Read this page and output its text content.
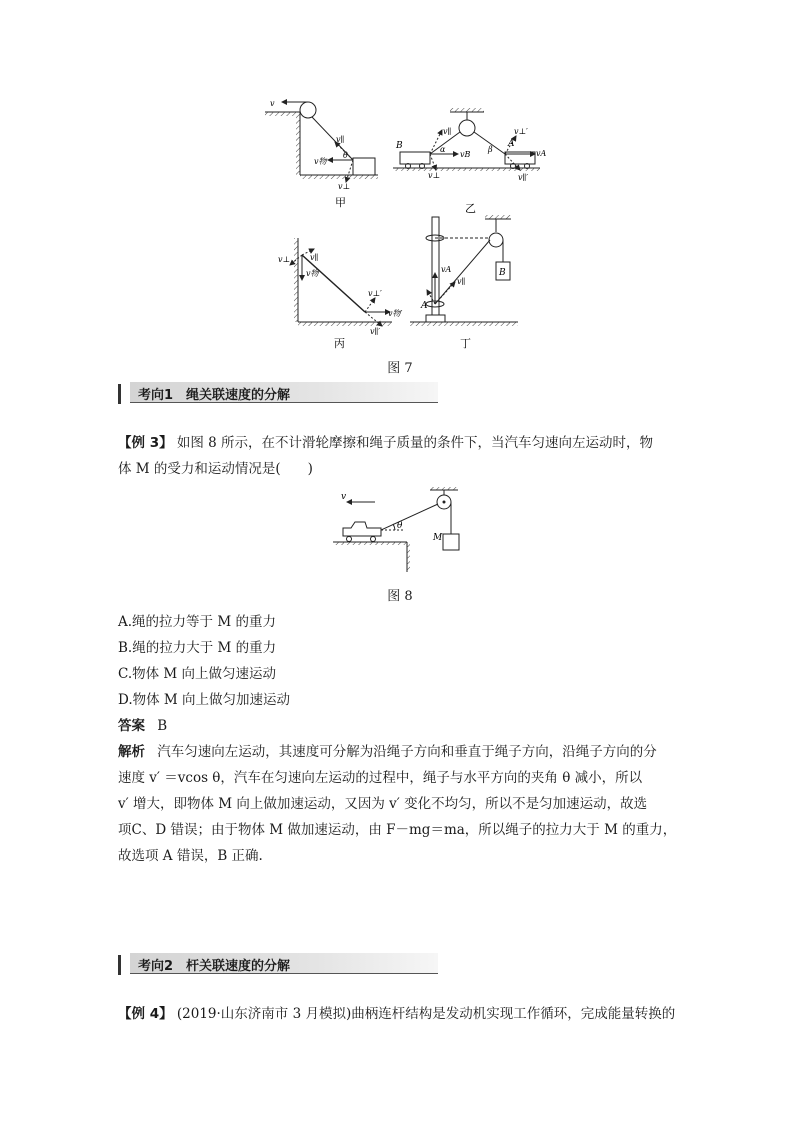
v
v∥
θ
v物
v⊥
甲
v∥
B	α
vB
v⊥
β
A
vA
v⊥′
v∥′
乙
v⊥ v∥
v物
v⊥′
v物′
v∥′
丙
B
vA
v∥
A
丁
图 7
考向1　绳关联速度的分解
【例 3】 如图 8 所示，在不计滑轮摩擦和绳子质量的条件下，当汽车匀速向左运动时，物
体 M 的受力和运动情况是(　　)
v
M
θ
图 8
A.绳的拉力等于 M 的重力
B.绳的拉力大于 M 的重力
C.物体 M 向上做匀速运动
D.物体 M 向上做匀加速运动
答案 B
解析 汽车匀速向左运动，其速度可分解为沿绳子方向和垂直于绳子方向，沿绳子方向的分
速度 v′ ＝vcos θ，汽车在匀速向左运动的过程中，绳子与水平方向的夹角 θ 减小，所以
v′ 增大，即物体 M 向上做加速运动，又因为 v′ 变化不均匀，所以不是匀加速运动，故选
项C、D 错误；由于物体 M 做加速运动，由 F－mg＝ma，所以绳子的拉力大于 M 的重力，
故选项 A 错误，B 正确.
考向2　杆关联速度的分解
【例 4】 (2019·山东济南市 3 月模拟)曲柄连杆结构是发动机实现工作循环，完成能量转换的
